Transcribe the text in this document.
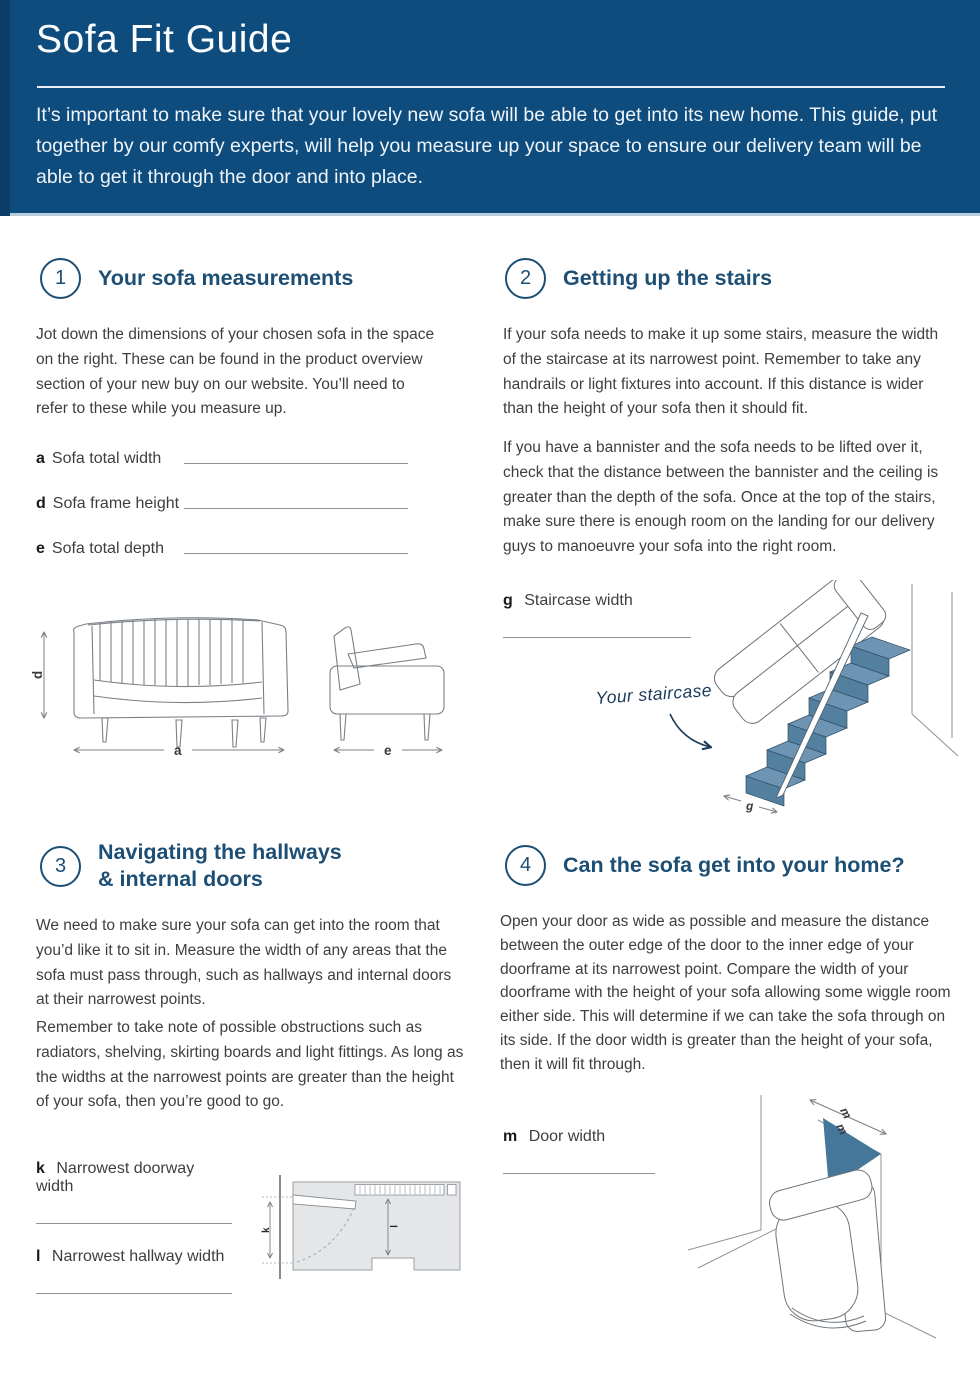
Sofa Fit Guide
It’s important to make sure that your lovely new sofa will be able to get into its new home. This guide, put together by our comfy experts, will help you measure up your space to ensure our delivery team will be able to get it through the door and into place.
1	Your sofa measurements
Jot down the dimensions of your chosen sofa in the space on the right. These can be found in the product overview section of your new buy on our website. You’ll need to refer to these while you measure up.
a Sofa total width
d Sofa frame height
e Sofa total depth
d
a	e
2	Getting up the stairs
If your sofa needs to make it up some stairs, measure the width of the staircase at its narrowest point. Remember to take any handrails or light fixtures into account. If this distance is wider than the height of your sofa then it should fit.
If you have a bannister and the sofa needs to be lifted over it, check that the distance between the bannister and the ceiling is greater than the depth of the sofa. Once at the top of the stairs, make sure there is enough room on the landing for our delivery guys to manoeuvre your sofa into the right room.
g Staircase width
g
Your staircase
3
Navigating the hallways
& internal doors
We need to make sure your sofa can get into the room that you’d like it to sit in. Measure the width of any areas that the sofa must pass through, such as hallways and internal doors at their narrowest points.
Remember to take note of possible obstructions such as radiators, shelving, skirting boards and light fittings. As long as the widths at the narrowest points are greater than the height of your sofa, then you’re good to go.
k Narrowest doorway width
l Narrowest hallway width
k
l
4	Can the sofa get into your home?
Open your door as wide as possible and measure the distance between the outer edge of the door to the inner edge of your doorframe at its narrowest point. Compare the width of your doorframe with the height of your sofa allowing some wiggle room either side. This will determine if we can take the sofa through on its side. If the door width is greater than the height of your sofa, then it will fit through.
m Door width
m
m
